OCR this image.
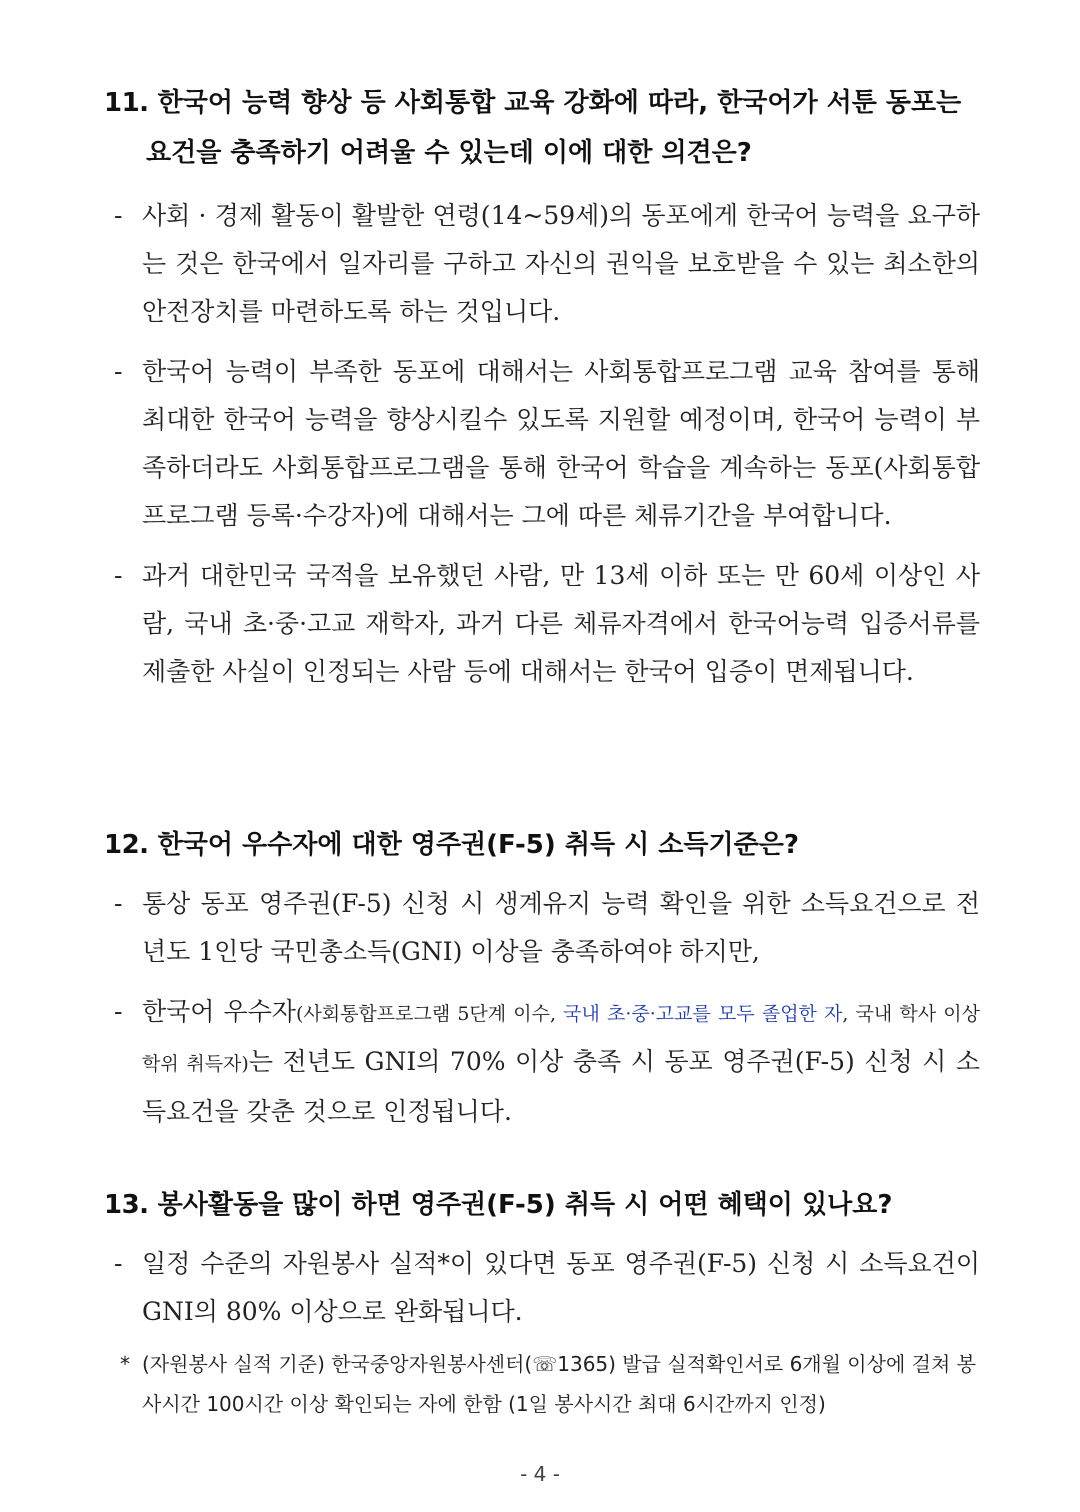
11. 한국어 능력 향상 등 사회통합 교육 강화에 따라, 한국어가 서툰 동포는 요건을 충족하기 어려울 수 있는데 이에 대한 의견은?

- 사회 · 경제 활동이 활발한 연령(14~59세)의 동포에게 한국어 능력을 요구하는 것은 한국에서 일자리를 구하고 자신의 권익을 보호받을 수 있는 최소한의 안전장치를 마련하도록 하는 것입니다.

- 한국어 능력이 부족한 동포에 대해서는 사회통합프로그램 교육 참여를 통해 최대한 한국어 능력을 향상시킬수 있도록 지원할 예정이며, 한국어 능력이 부족하더라도 사회통합프로그램을 통해 한국어 학습을 계속하는 동포(사회통합프로그램 등록·수강자)에 대해서는 그에 따른 체류기간을 부여합니다.

- 과거 대한민국 국적을 보유했던 사람, 만 13세 이하 또는 만 60세 이상인 사람, 국내 초·중·고교 재학자, 과거 다른 체류자격에서 한국어능력 입증서류를 제출한 사실이 인정되는 사람 등에 대해서는 한국어 입증이 면제됩니다.

12. 한국어 우수자에 대한 영주권(F-5) 취득 시 소득기준은?

- 통상 동포 영주권(F-5) 신청 시 생계유지 능력 확인을 위한 소득요건으로 전년도 1인당 국민총소득(GNI) 이상을 충족하여야 하지만,

- 한국어 우수자(사회통합프로그램 5단계 이수, 국내 초·중·고교를 모두 졸업한 자, 국내 학사 이상 학위 취득자)는 전년도 GNI의 70% 이상 충족 시 동포 영주권(F-5) 신청 시 소득요건을 갖춘 것으로 인정됩니다.

13. 봉사활동을 많이 하면 영주권(F-5) 취득 시 어떤 혜택이 있나요?

- 일정 수준의 자원봉사 실적*이 있다면 동포 영주권(F-5) 신청 시 소득요건이 GNI의 80% 이상으로 완화됩니다.

* (자원봉사 실적 기준) 한국중앙자원봉사센터(☏1365) 발급 실적확인서로 6개월 이상에 걸쳐 봉사시간 100시간 이상 확인되는 자에 한함 (1일 봉사시간 최대 6시간까지 인정)
- 4 -
